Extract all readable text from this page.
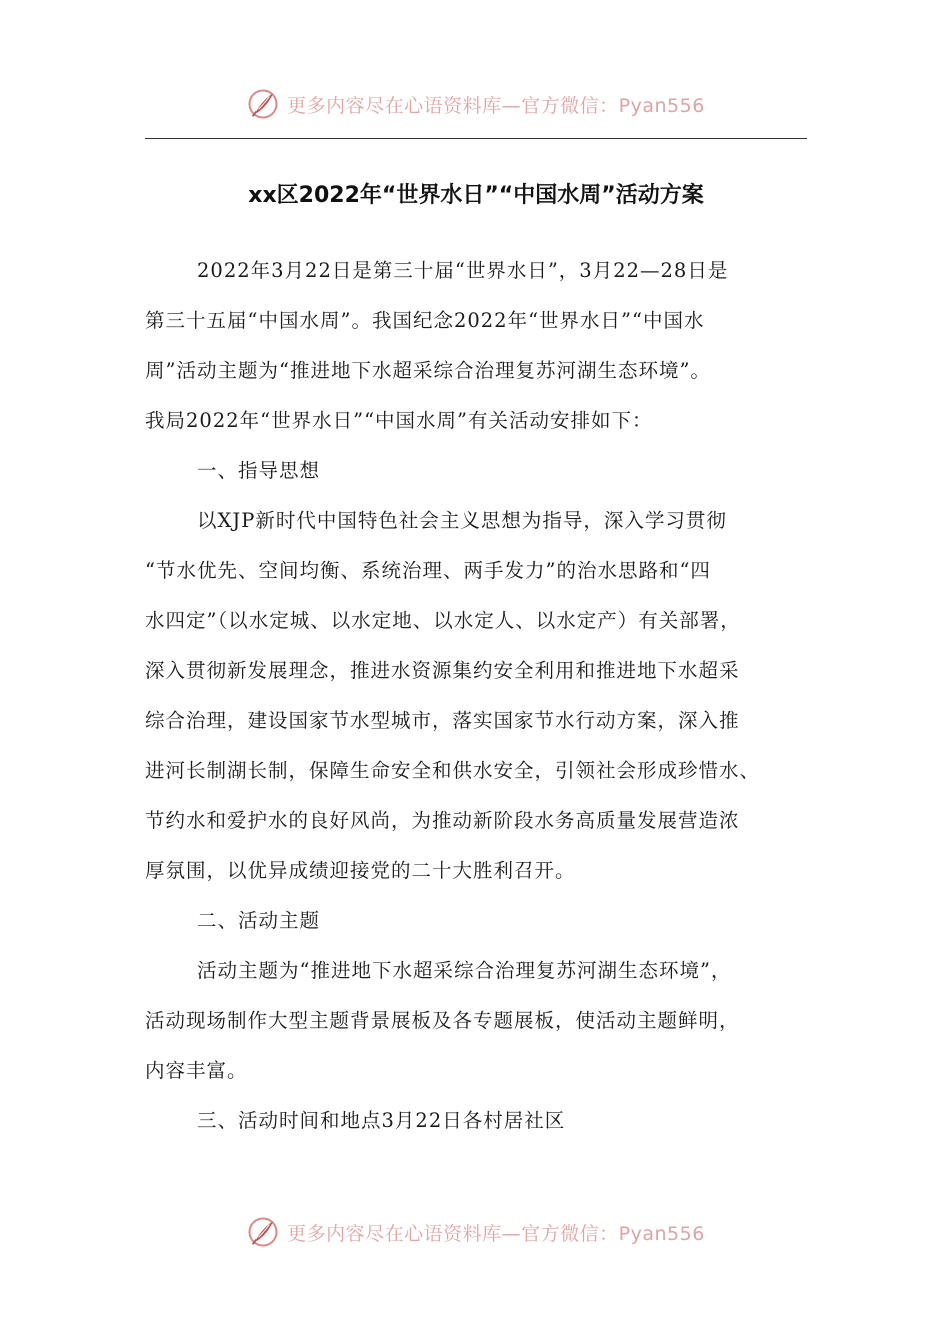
更多内容尽在心语资料库—官方微信：Pyan556
xx区2022年“世界水日”“中国水周”活动方案
2022年3月22日是第三十届“世界水日”，3月22—28日是
第三十五届“中国水周”。我国纪念2022年“世界水日”“中国水
周”活动主题为“推进地下水超采综合治理复苏河湖生态环境”。
我局2022年“世界水日”“中国水周”有关活动安排如下：
一、指导思想
以XJP新时代中国特色社会主义思想为指导，深入学习贯彻
“节水优先、空间均衡、系统治理、两手发力”的治水思路和“四
水四定”（以水定城、以水定地、以水定人、以水定产）有关部署，
深入贯彻新发展理念，推进水资源集约安全利用和推进地下水超采
综合治理，建设国家节水型城市，落实国家节水行动方案，深入推
进河长制湖长制，保障生命安全和供水安全，引领社会形成珍惜水、
节约水和爱护水的良好风尚，为推动新阶段水务高质量发展营造浓
厚氛围，以优异成绩迎接党的二十大胜利召开。
二、活动主题
活动主题为“推进地下水超采综合治理复苏河湖生态环境”，
活动现场制作大型主题背景展板及各专题展板，使活动主题鲜明，
内容丰富。
三、活动时间和地点3月22日各村居社区
更多内容尽在心语资料库—官方微信：Pyan556
